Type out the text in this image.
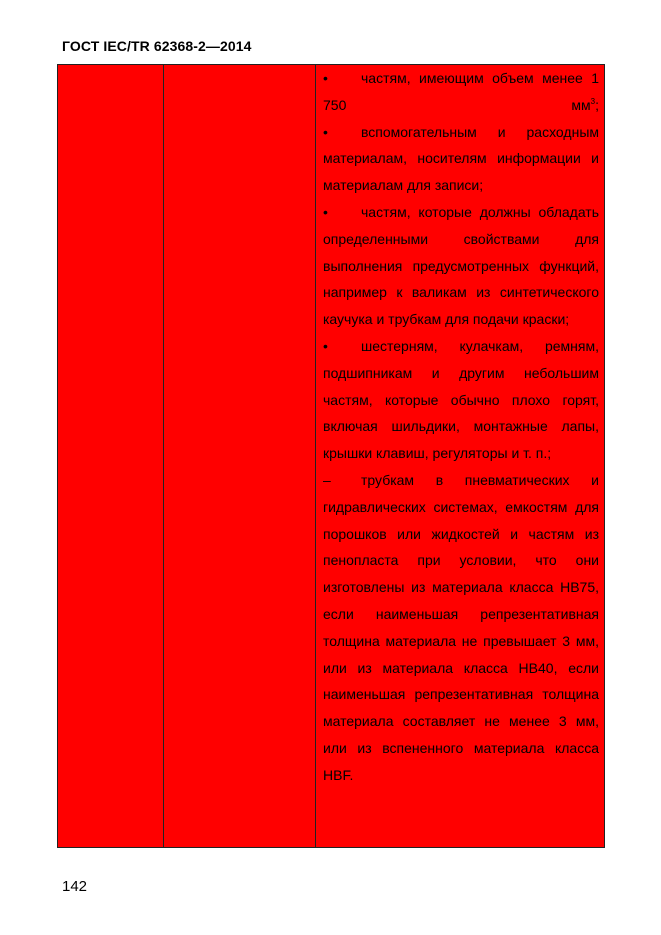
ГОСТ IEC/TR 62368-2—2014

• частям, имеющим объем менее 1 750 $мм^3$;

• вспомогательным и расходным материалам, носителям информации и материалам для записи;

• частям, которые должны обладать определенными свойствами для выполнения предусмотренных функций, например к валикам из синтетического каучука и трубкам для подачи краски;

• шестерням, кулачкам, ремням, подшипникам и другим небольшим частям, которые обычно плохо горят, включая шильдики, монтажные лапы, крышки клавиш, регуляторы и т. п.;

– трубкам в пневматических и гидравлических системах, емкостям для порошков или жидкостей и частям из пенопласта при условии, что они изготовлены из материала класса HB75, если наименьшая репрезентативная толщина материала не превышает 3 мм, или из материала класса HB40, если наименьшая репрезентативная толщина материала составляет не менее 3 мм, или из вспененного материала класса HBF.

142
